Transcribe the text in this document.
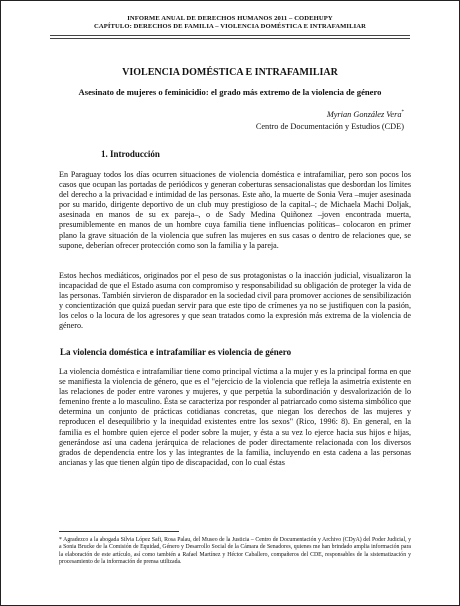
INFORME ANUAL DE DERECHOS HUMANOS 2011 – CODEHUPY
CAPÍTULO: DERECHOS DE FAMILIA – VIOLENCIA DOMÉSTICA E INTRAFAMILIAR
VIOLENCIA DOMÉSTICA E INTRAFAMILIAR
Asesinato de mujeres o feminicidio: el grado más extremo de la violencia de género
Myrian González Vera*
Centro de Documentación y Estudios (CDE)
1. Introducción

En Paraguay todos los días ocurren situaciones de violencia doméstica e intrafamiliar, pero son pocos los casos que ocupan las portadas de periódicos y generan coberturas sensacionalistas que desbordan los límites del derecho a la privacidad e intimidad de las personas. Este año, la muerte de Sonia Vera –mujer asesinada por su marido, dirigente deportivo de un club muy prestigioso de la capital–; de Michaela Machi Doljak, asesinada en manos de su ex pareja–, o de Sady Medina Quiñonez –joven encontrada muerta, presumiblemente en manos de un hombre cuya familia tiene influencias políticas– colocaron en primer plano la grave situación de la violencia que sufren las mujeres en sus casas o dentro de relaciones que, se supone, deberían ofrecer protección como son la familia y la pareja.

Estos hechos mediáticos, originados por el peso de sus protagonistas o la inacción judicial, visualizaron la incapacidad de que el Estado asuma con compromiso y responsabilidad su obligación de proteger la vida de las personas. También sirvieron de disparador en la sociedad civil para promover acciones de sensibilización y concientización que quizá puedan servir para que este tipo de crímenes ya no se justifiquen con la pasión, los celos o la locura de los agresores y que sean tratados como la expresión más extrema de la violencia de género.

La violencia doméstica e intrafamiliar es violencia de género

La violencia doméstica e intrafamiliar tiene como principal víctima a la mujer y es la principal forma en que se manifiesta la violencia de género, que es el "ejercicio de la violencia que refleja la asimetría existente en las relaciones de poder entre varones y mujeres, y que perpetúa la subordinación y desvalorización de lo femenino frente a lo masculino. Ésta se caracteriza por responder al patriarcado como sistema simbólico que determina un conjunto de prácticas cotidianas concretas, que niegan los derechos de las mujeres y reproducen el desequilibrio y la inequidad existentes entre los sexos" (Rico, 1996: 8). En general, en la familia es el hombre quien ejerce el poder sobre la mujer, y ésta a su vez lo ejerce hacia sus hijos e hijas, generándose así una cadena jerárquica de relaciones de poder directamente relacionada con los diversos grados de dependencia entre los y las integrantes de la familia, incluyendo en esta cadena a las personas ancianas y las que tienen algún tipo de discapacidad, con lo cual éstas

* Agradezco a la abogada Silvia López Safi, Rosa Palau, del Museo de la Justicia – Centro de Documentación y Archivo (CDyA) del Poder Judicial, y a Sonia Brucke de la Comisión de Equidad, Género y Desarrollo Social de la Cámara de Senadores, quienes me han brindado amplia información para la elaboración de este artículo, así como también a Rafael Martínez y Héctor Caballero, compañeros del CDE, responsables de la sistematización y procesamiento de la información de prensa utilizada.
